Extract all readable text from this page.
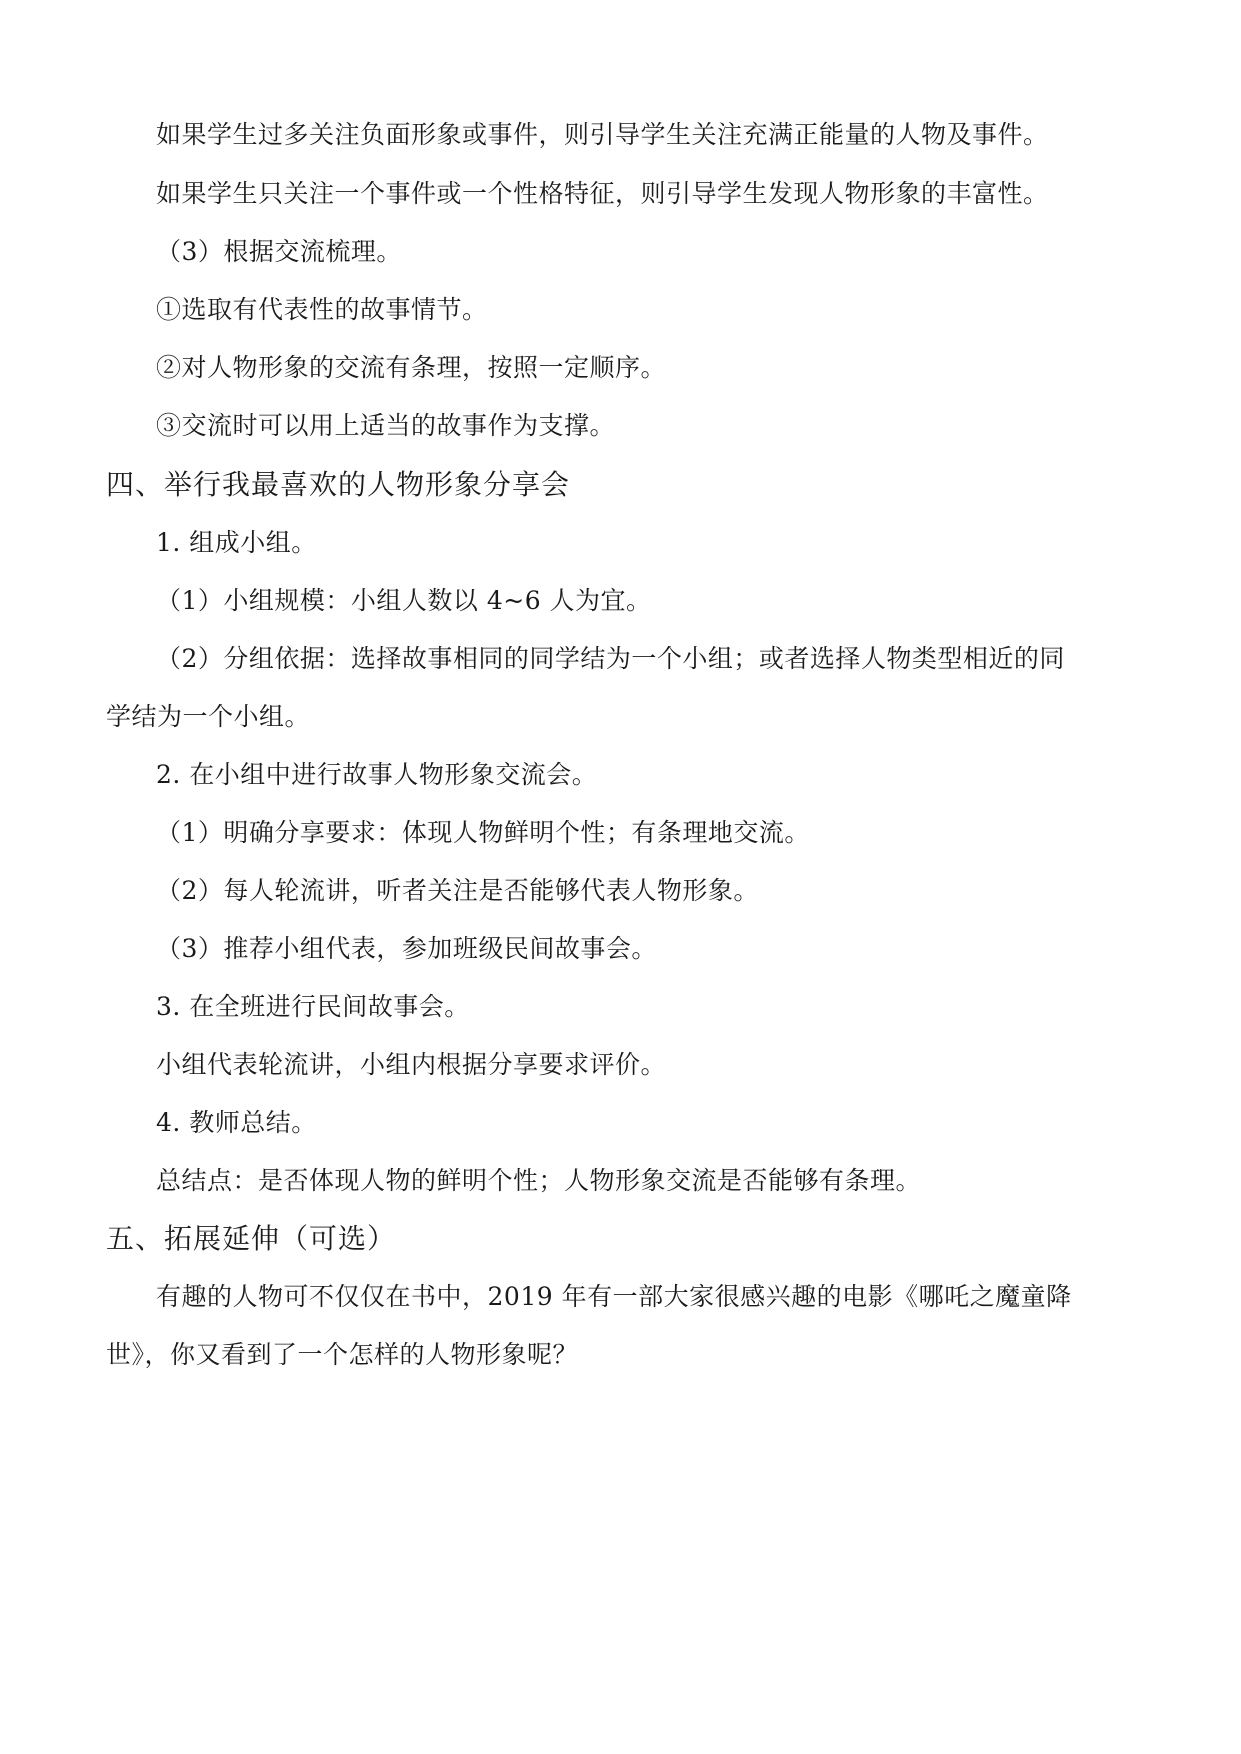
如果学生过多关注负面形象或事件，则引导学生关注充满正能量的人物及事件。
如果学生只关注一个事件或一个性格特征，则引导学生发现人物形象的丰富性。
（3）根据交流梳理。
①选取有代表性的故事情节。
②对人物形象的交流有条理，按照一定顺序。
③交流时可以用上适当的故事作为支撑。
四、举行我最喜欢的人物形象分享会
1. 组成小组。
（1）小组规模：小组人数以 4~6 人为宜。
（2）分组依据：选择故事相同的同学结为一个小组；或者选择人物类型相近的同
学结为一个小组。
2. 在小组中进行故事人物形象交流会。
（1）明确分享要求：体现人物鲜明个性；有条理地交流。
（2）每人轮流讲，听者关注是否能够代表人物形象。
（3）推荐小组代表，参加班级民间故事会。
3. 在全班进行民间故事会。
小组代表轮流讲，小组内根据分享要求评价。
4. 教师总结。
总结点：是否体现人物的鲜明个性；人物形象交流是否能够有条理。
五、拓展延伸（可选）
有趣的人物可不仅仅在书中，2019 年有一部大家很感兴趣的电影《哪吒之魔童降
世》，你又看到了一个怎样的人物形象呢？
